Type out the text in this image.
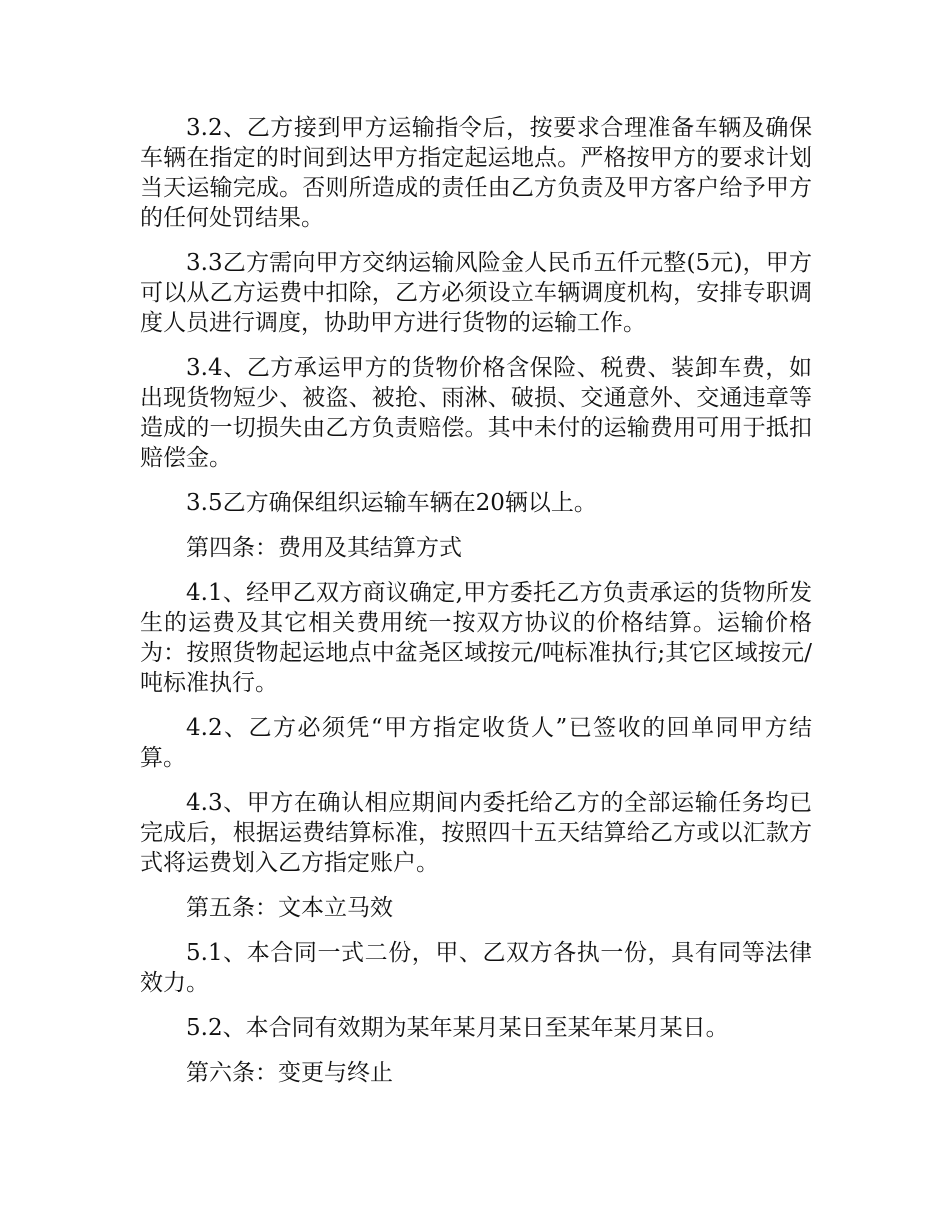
3.2、乙方接到甲方运输指令后，按要求合理准备车辆及确保车辆在指定的时间到达甲方指定起运地点。严格按甲方的要求计划当天运输完成。否则所造成的责任由乙方负责及甲方客户给予甲方的任何处罚结果。

3.3乙方需向甲方交纳运输风险金人民币五仟元整(5元)，甲方可以从乙方运费中扣除，乙方必须设立车辆调度机构，安排专职调度人员进行调度，协助甲方进行货物的运输工作。

3.4、乙方承运甲方的货物价格含保险、税费、装卸车费，如出现货物短少、被盗、被抢、雨淋、破损、交通意外、交通违章等造成的一切损失由乙方负责赔偿。其中未付的运输费用可用于抵扣赔偿金。

3.5乙方确保组织运输车辆在20辆以上。

第四条：费用及其结算方式

4.1、经甲乙双方商议确定,甲方委托乙方负责承运的货物所发生的运费及其它相关费用统一按双方协议的价格结算。运输价格为：按照货物起运地点中盆尧区域按元/吨标准执行;其它区域按元/吨标准执行。

4.2、乙方必须凭“甲方指定收货人”已签收的回单同甲方结算。

4.3、甲方在确认相应期间内委托给乙方的全部运输任务均已完成后，根据运费结算标准，按照四十五天结算给乙方或以汇款方式将运费划入乙方指定账户。

第五条：文本立马效

5.1、本合同一式二份，甲、乙双方各执一份，具有同等法律效力。

5.2、本合同有效期为某年某月某日至某年某月某日。

第六条：变更与终止
